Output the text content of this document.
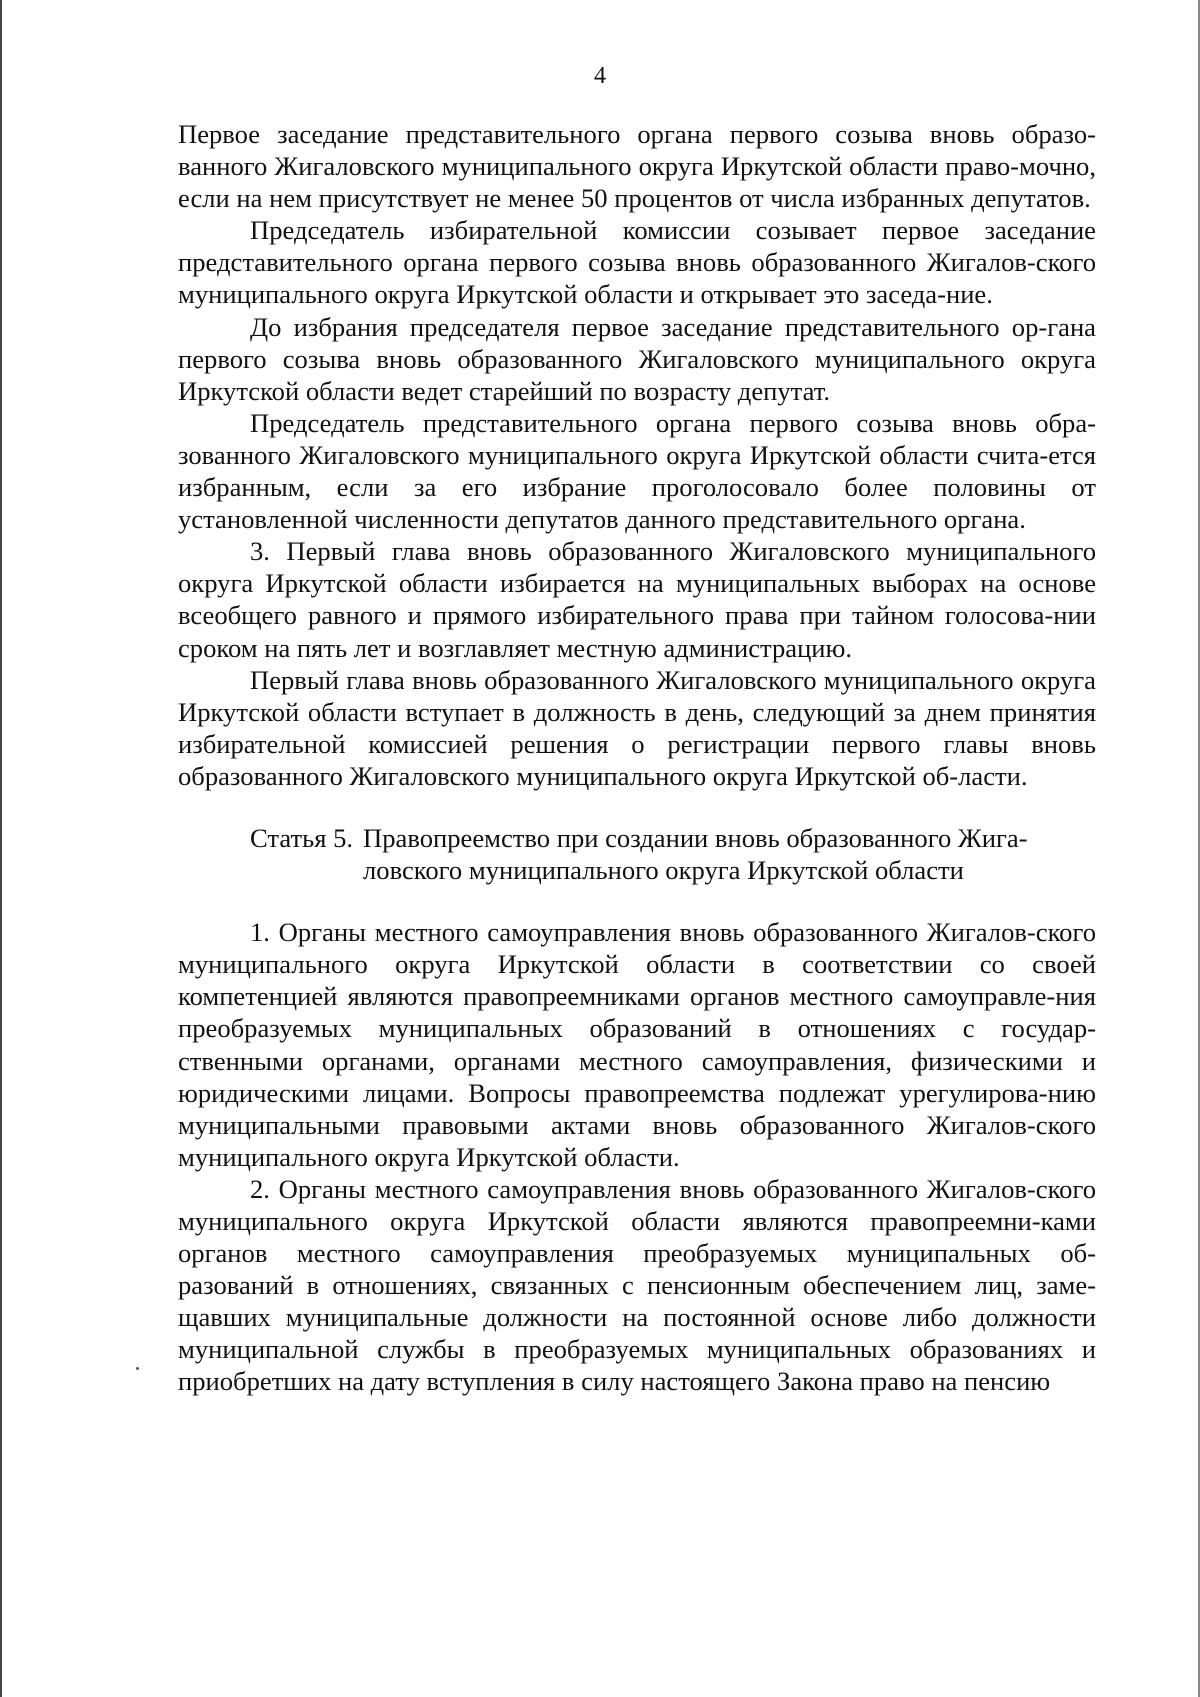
4

Первое заседание представительного органа первого созыва вновь образо-ванного Жигаловского муниципального округа Иркутской области право-мочно, если на нем присутствует не менее 50 процентов от числа избранных депутатов.

Председатель избирательной комиссии созывает первое заседание представительного органа первого созыва вновь образованного Жигалов-ского муниципального округа Иркутской области и открывает это заседа-ние.

До избрания председателя первое заседание представительного ор-гана первого созыва вновь образованного Жигаловского муниципального округа Иркутской области ведет старейший по возрасту депутат.

Председатель представительного органа первого созыва вновь обра-зованного Жигаловского муниципального округа Иркутской области счита-ется избранным, если за его избрание проголосовало более половины от установленной численности депутатов данного представительного органа.

3. Первый глава вновь образованного Жигаловского муниципального округа Иркутской области избирается на муниципальных выборах на основе всеобщего равного и прямого избирательного права при тайном голосова-нии сроком на пять лет и возглавляет местную администрацию.

Первый глава вновь образованного Жигаловского муниципального округа Иркутской области вступает в должность в день, следующий за днем принятия избирательной комиссией решения о регистрации первого главы вновь образованного Жигаловского муниципального округа Иркутской об-ласти.

Статья 5. Правопреемство при создании вновь образованного Жига-ловского муниципального округа Иркутской области

1. Органы местного самоуправления вновь образованного Жигалов-ского муниципального округа Иркутской области в соответствии со своей компетенцией являются правопреемниками органов местного самоуправле-ния преобразуемых муниципальных образований в отношениях с государ-ственными органами, органами местного самоуправления, физическими и юридическими лицами. Вопросы правопреемства подлежат урегулирова-нию муниципальными правовыми актами вновь образованного Жигалов-ского муниципального округа Иркутской области.

2. Органы местного самоуправления вновь образованного Жигалов-ского муниципального округа Иркутской области являются правопреемни-ками органов местного самоуправления преобразуемых муниципальных об-разований в отношениях, связанных с пенсионным обеспечением лиц, заме-щавших муниципальные должности на постоянной основе либо должности муниципальной службы в преобразуемых муниципальных образованиях и приобретших на дату вступления в силу настоящего Закона право на пенсию
